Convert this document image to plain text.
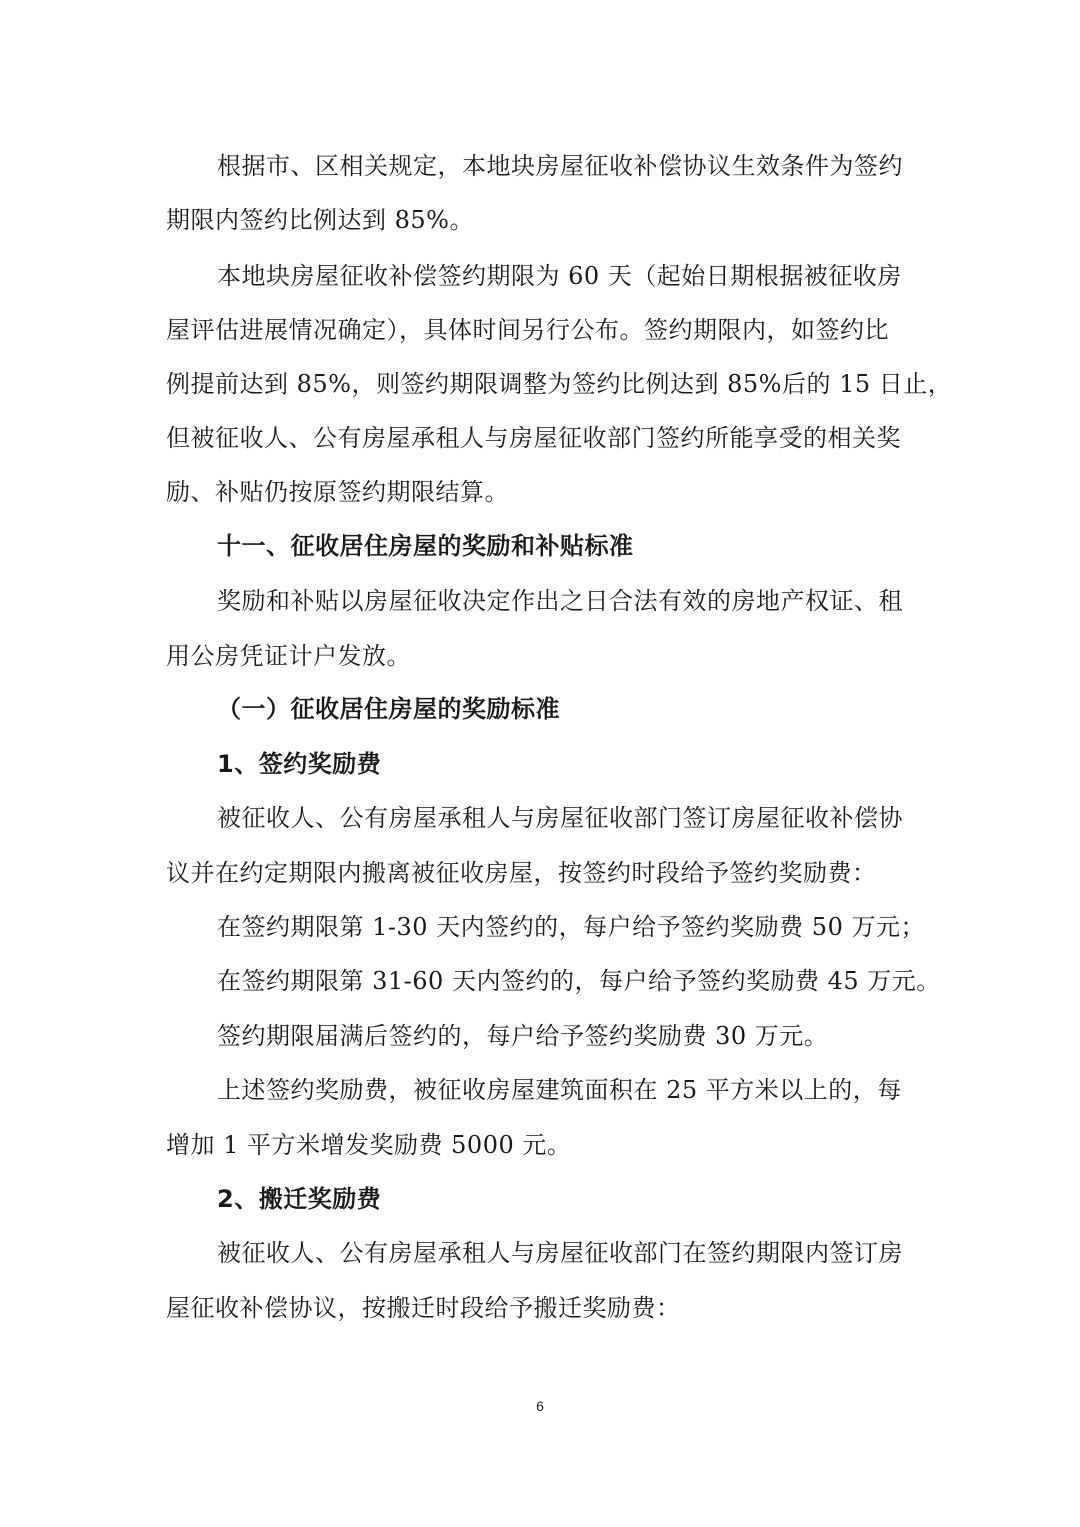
根据市、区相关规定，本地块房屋征收补偿协议生效条件为签约
期限内签约比例达到 85%。
本地块房屋征收补偿签约期限为 60 天（起始日期根据被征收房
屋评估进展情况确定），具体时间另行公布。签约期限内，如签约比
例提前达到 85%，则签约期限调整为签约比例达到 85%后的 15 日止，
但被征收人、公有房屋承租人与房屋征收部门签约所能享受的相关奖
励、补贴仍按原签约期限结算。
十一、征收居住房屋的奖励和补贴标准
奖励和补贴以房屋征收决定作出之日合法有效的房地产权证、租
用公房凭证计户发放。
（一）征收居住房屋的奖励标准
1、签约奖励费
被征收人、公有房屋承租人与房屋征收部门签订房屋征收补偿协
议并在约定期限内搬离被征收房屋，按签约时段给予签约奖励费：
在签约期限第 1-30 天内签约的，每户给予签约奖励费 50 万元；
在签约期限第 31-60 天内签约的，每户给予签约奖励费 45 万元。
签约期限届满后签约的，每户给予签约奖励费 30 万元。
上述签约奖励费，被征收房屋建筑面积在 25 平方米以上的，每
增加 1 平方米增发奖励费 5000 元。
2、搬迁奖励费
被征收人、公有房屋承租人与房屋征收部门在签约期限内签订房
屋征收补偿协议，按搬迁时段给予搬迁奖励费：
6
